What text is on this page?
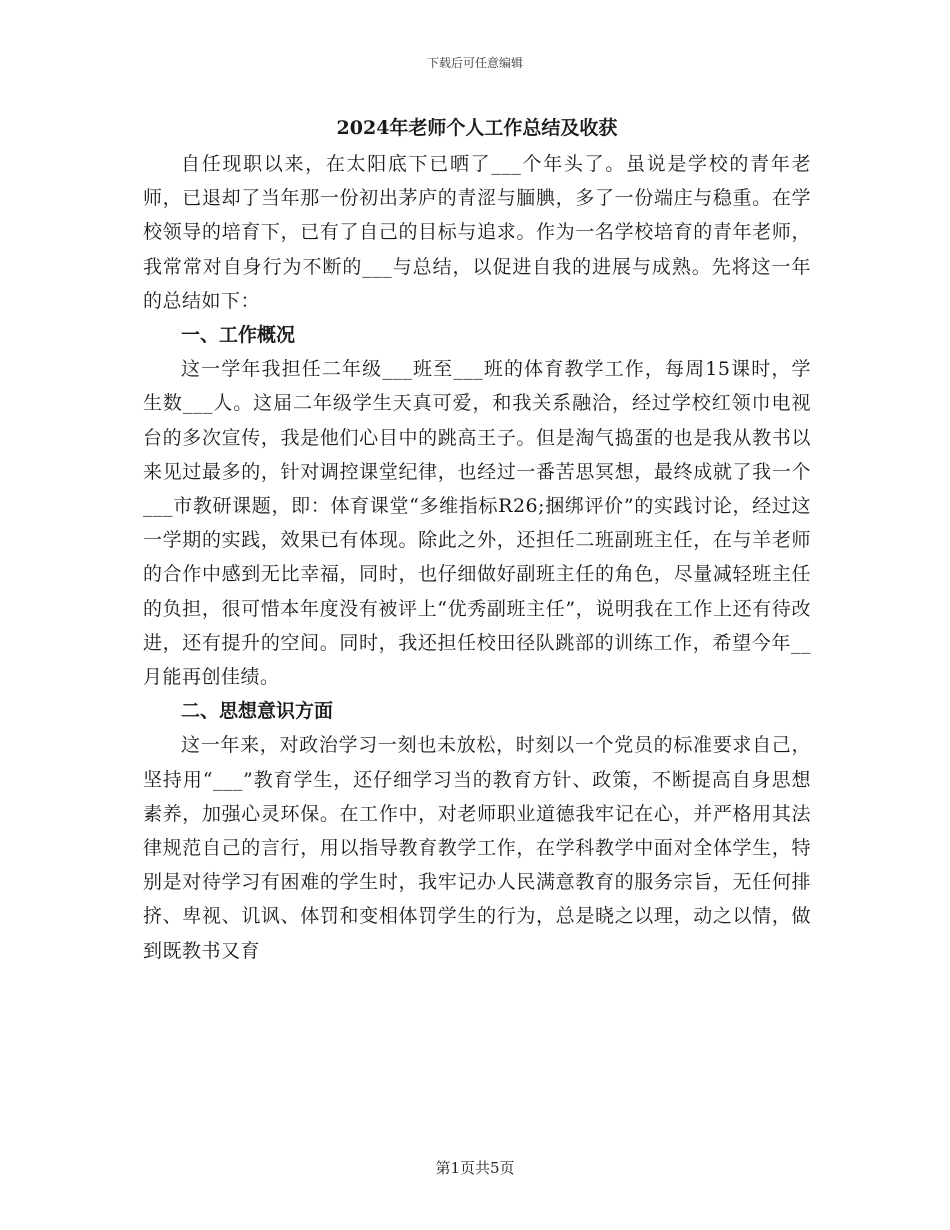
下载后可任意编辑
2024年老师个人工作总结及收获

自任现职以来，在太阳底下已晒了___个年头了。虽说是学校的青年老师，已退却了当年那一份初出茅庐的青涩与腼腆，多了一份端庄与稳重。在学校领导的培育下，已有了自己的目标与追求。作为一名学校培育的青年老师，我常常对自身行为不断的___与总结，以促进自我的进展与成熟。先将这一年的总结如下：

一、工作概况

这一学年我担任二年级___班至___班的体育教学工作，每周15课时，学生数___人。这届二年级学生天真可爱，和我关系融洽，经过学校红领巾电视台的多次宣传，我是他们心目中的跳高王子。但是淘气捣蛋的也是我从教书以来见过最多的，针对调控课堂纪律，也经过一番苦思冥想，最终成就了我一个___市教研课题，即：体育课堂“多维指标R26;捆绑评价”的实践讨论，经过这一学期的实践，效果已有体现。除此之外，还担任二班副班主任，在与羊老师的合作中感到无比幸福，同时，也仔细做好副班主任的角色，尽量减轻班主任的负担，很可惜本年度没有被评上“优秀副班主任”，说明我在工作上还有待改进，还有提升的空间。同时，我还担任校田径队跳部的训练工作，希望今年__月能再创佳绩。

二、思想意识方面

这一年来，对政治学习一刻也未放松，时刻以一个党员的标准要求自己，坚持用“___”教育学生，还仔细学习当的教育方针、政策，不断提高自身思想素养，加强心灵环保。在工作中，对老师职业道德我牢记在心，并严格用其法律规范自己的言行，用以指导教育教学工作，在学科教学中面对全体学生，特别是对待学习有困难的学生时，我牢记办人民满意教育的服务宗旨，无任何排挤、卑视、讥讽、体罚和变相体罚学生的行为，总是晓之以理，动之以情，做到既教书又育

第1页共5页
